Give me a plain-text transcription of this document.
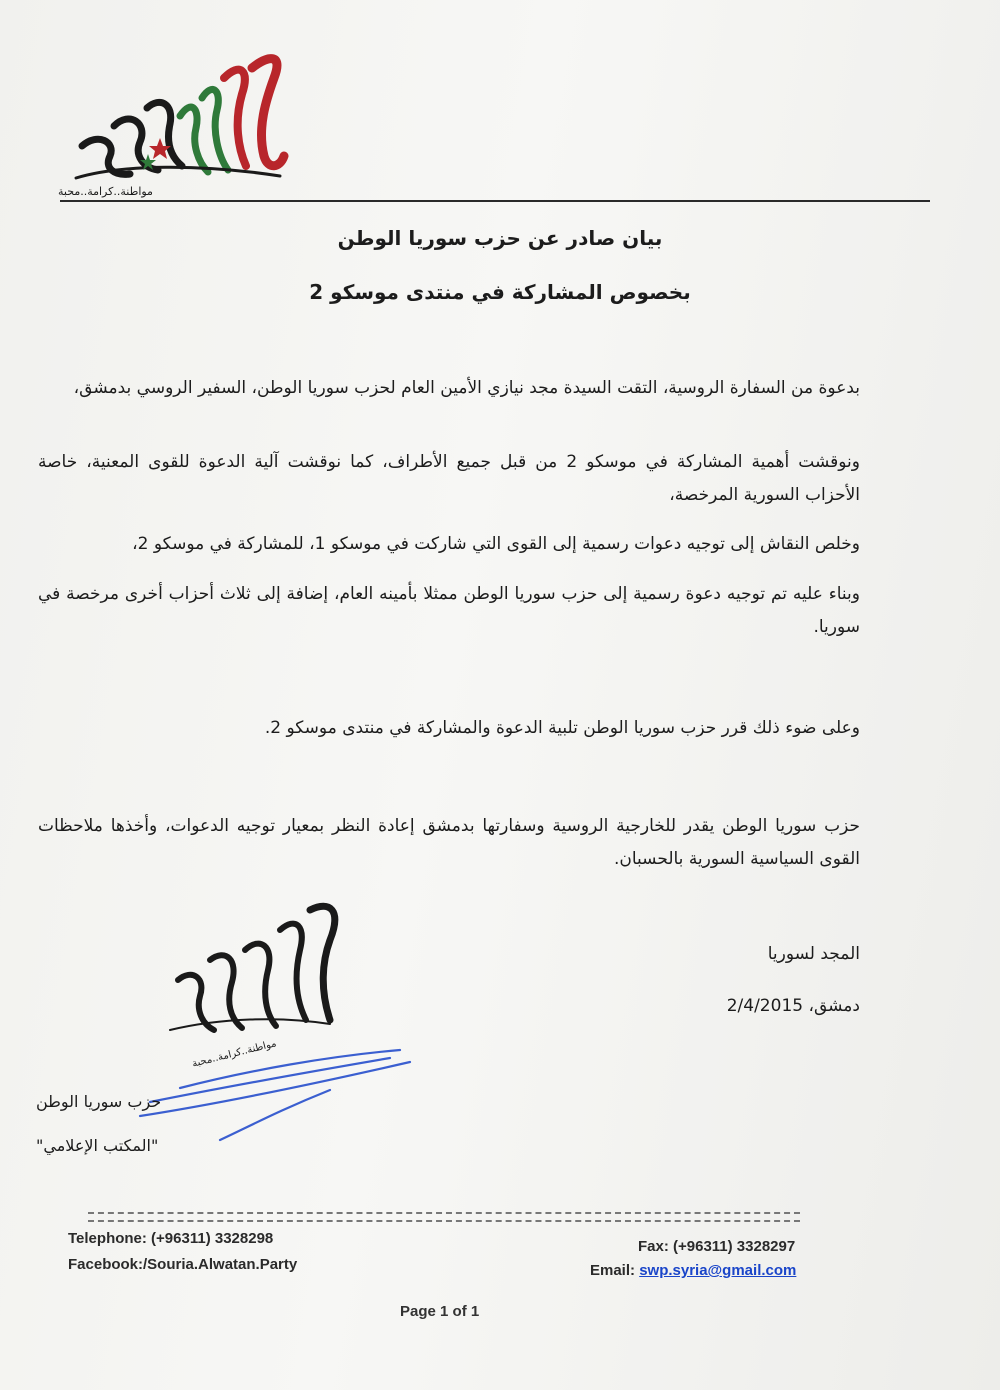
مواطنة..كرامة..محبة
بيان صادر عن حزب سوريا الوطن
بخصوص المشاركة في منتدى موسكو 2
بدعوة من السفارة الروسية، التقت السيدة مجد نيازي الأمين العام لحزب سوريا الوطن، السفير الروسي بدمشق،
ونوقشت أهمية المشاركة في موسكو 2 من قبل جميع الأطراف، كما نوقشت آلية الدعوة للقوى المعنية، خاصة الأحزاب السورية المرخصة،
وخلص النقاش إلى توجيه دعوات رسمية إلى القوى التي شاركت في موسكو 1، للمشاركة في موسكو 2،
وبناء عليه تم توجيه دعوة رسمية إلى حزب سوريا الوطن ممثلا بأمينه العام، إضافة إلى ثلاث أحزاب أخرى مرخصة في سوريا.
وعلى ضوء ذلك قرر حزب سوريا الوطن تلبية الدعوة والمشاركة في منتدى موسكو 2.
حزب سوريا الوطن يقدر للخارجية الروسية وسفارتها بدمشق إعادة النظر بمعيار توجيه الدعوات، وأخذها ملاحظات القوى السياسية السورية بالحسبان.
المجد لسوريا
دمشق، 2/4/2015
مواطنة..كرامة..محبة
حزب سوريا الوطن
"المكتب الإعلامي"
Telephone: (+96311) 3328298
Facebook:/Souria.Alwatan.Party
Fax: (+96311) 3328297
Email: swp.syria@gmail.com
Page 1 of 1
